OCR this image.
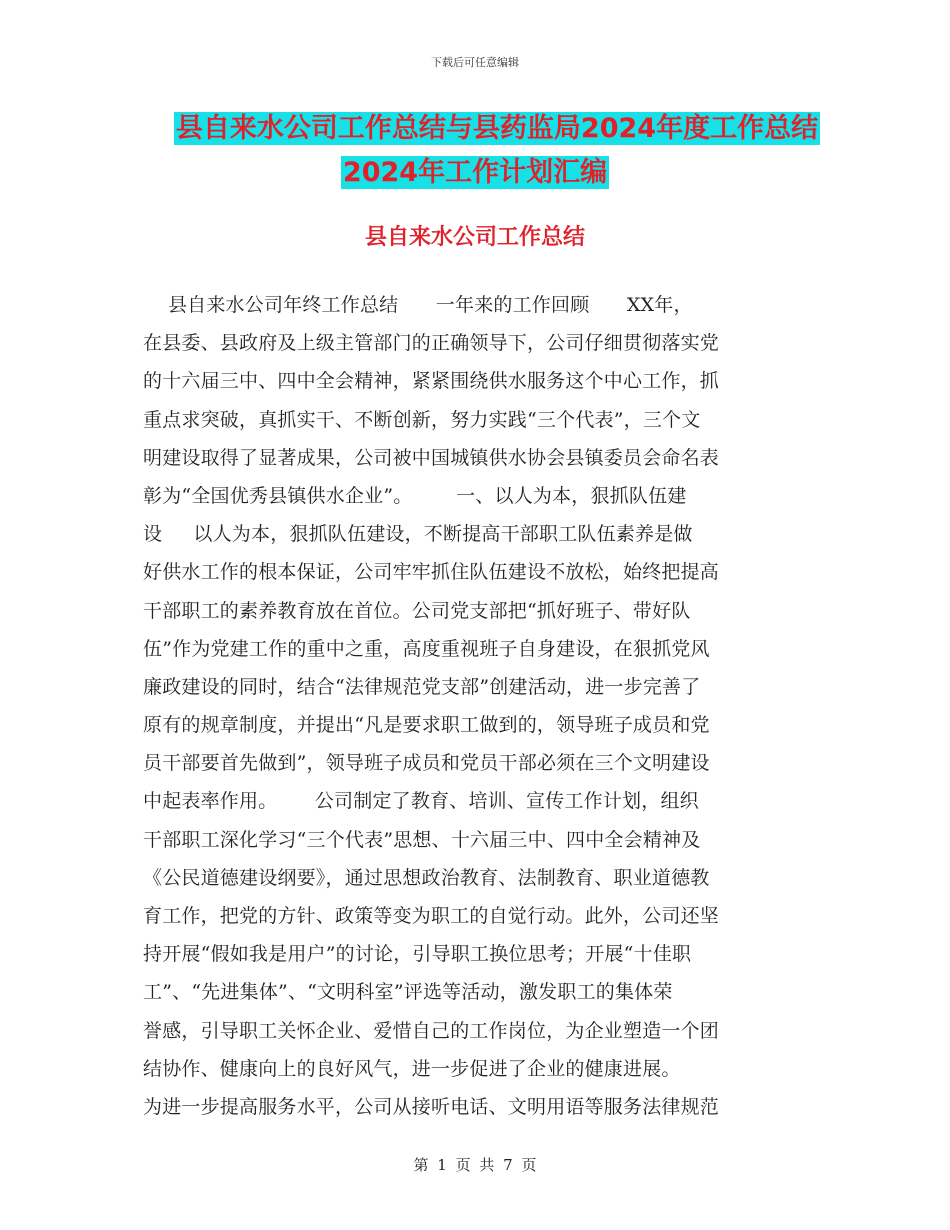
下载后可任意编辑
县自来水公司工作总结与县药监局2024年度工作总结
2024年工作计划汇编
县自来水公司工作总结
县自来水公司年终工作总结      一年来的工作回顾      XX年，
在县委、县政府及上级主管部门的正确领导下，公司仔细贯彻落实党
的十六届三中、四中全会精神，紧紧围绕供水服务这个中心工作，抓
重点求突破，真抓实干、不断创新，努力实践“三个代表”，三个文
明建设取得了显著成果，公司被中国城镇供水协会县镇委员会命名表
彰为“全国优秀县镇供水企业”。       一、以人为本，狠抓队伍建
设     以人为本，狠抓队伍建设，不断提高干部职工队伍素养是做
好供水工作的根本保证，公司牢牢抓住队伍建设不放松，始终把提高
干部职工的素养教育放在首位。公司党支部把“抓好班子、带好队
伍”作为党建工作的重中之重，高度重视班子自身建设，在狠抓党风
廉政建设的同时，结合“法律规范党支部”创建活动，进一步完善了
原有的规章制度，并提出“凡是要求职工做到的，领导班子成员和党
员干部要首先做到”，领导班子成员和党员干部必须在三个文明建设
中起表率作用。      公司制定了教育、培训、宣传工作计划，组织
干部职工深化学习“三个代表”思想、十六届三中、四中全会精神及
《公民道德建设纲要》，通过思想政治教育、法制教育、职业道德教
育工作，把党的方针、政策等变为职工的自觉行动。此外，公司还坚
持开展“假如我是用户”的讨论，引导职工换位思考；开展“十佳职
工”、“先进集体”、“文明科室”评选等活动，激发职工的集体荣
誉感，引导职工关怀企业、爱惜自己的工作岗位，为企业塑造一个团
结协作、健康向上的良好风气，进一步促进了企业的健康进展。
为进一步提高服务水平，公司从接听电话、文明用语等服务法律规范
第 1 页 共 7 页
